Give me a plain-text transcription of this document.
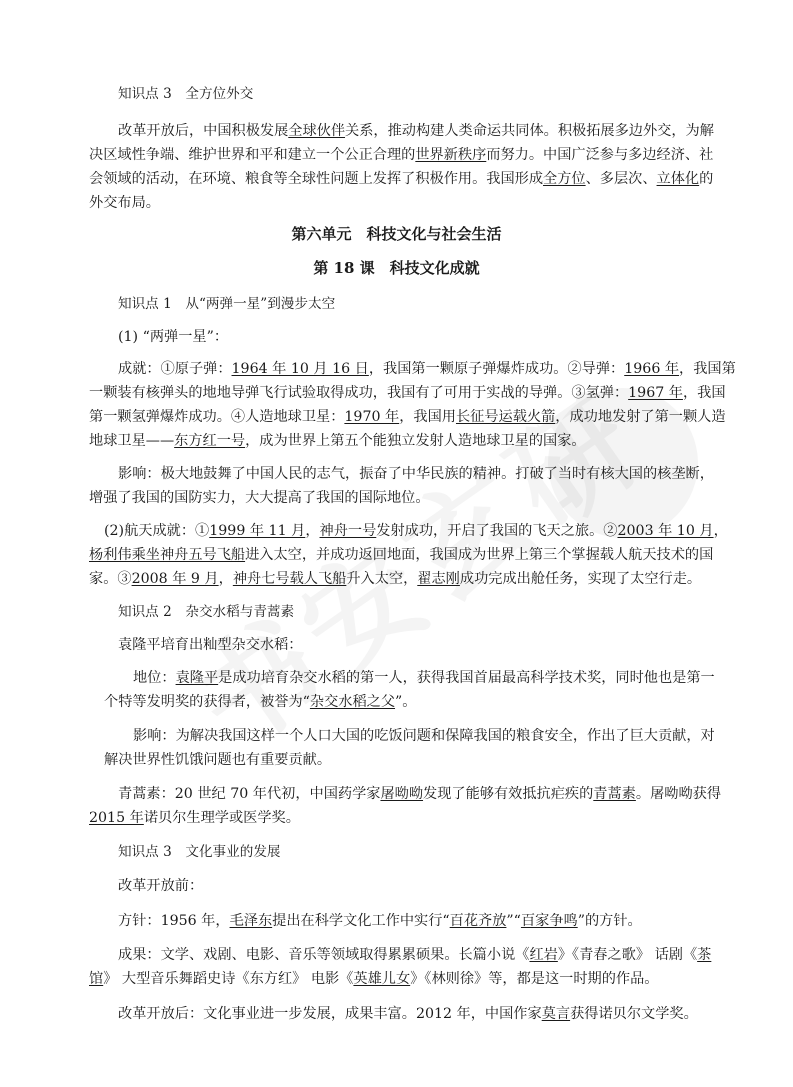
知识点 3　全方位外交
改革开放后，中国积极发展全球伙伴关系，推动构建人类命运共同体。积极拓展多边外交，为解
决区域性争端、维护世界和平和建立一个公正合理的世界新秩序而努力。中国广泛参与多边经济、社
会领域的活动，在环境、粮食等全球性问题上发挥了积极作用。我国形成全方位、多层次、立体化的
外交布局。
第六单元　科技文化与社会生活
第 18 课　科技文化成就
知识点 1　从“两弹一星”到漫步太空
(1) “两弹一星”：
成就：①原子弹：1964 年 10 月 16 日，我国第一颗原子弹爆炸成功。②导弹：1966 年，我国第
一颗装有核弹头的地地导弹飞行试验取得成功，我国有了可用于实战的导弹。③氢弹：1967 年，我国
第一颗氢弹爆炸成功。④人造地球卫星：1970 年，我国用长征号运载火箭，成功地发射了第一颗人造
地球卫星——东方红一号，成为世界上第五个能独立发射人造地球卫星的国家。
影响：极大地鼓舞了中国人民的志气，振奋了中华民族的精神。打破了当时有核大国的核垄断，
增强了我国的国防实力，大大提高了我国的国际地位。
(2)航天成就：①1999 年 11 月，神舟一号发射成功，开启了我国的飞天之旅。②2003 年 10 月，
杨利伟乘坐神舟五号飞船进入太空，并成功返回地面，我国成为世界上第三个掌握载人航天技术的国
家。③2008 年 9 月，神舟七号载人飞船升入太空，翟志刚成功完成出舱任务，实现了太空行走。
知识点 2　杂交水稻与青蒿素
袁隆平培育出籼型杂交水稻：
地位：袁隆平是成功培育杂交水稻的第一人，获得我国首届最高科学技术奖，同时他也是第一
个特等发明奖的获得者，被誉为“杂交水稻之父”。
影响：为解决我国这样一个人口大国的吃饭问题和保障我国的粮食安全，作出了巨大贡献，对
解决世界性饥饿问题也有重要贡献。
青蒿素：20 世纪 70 年代初，中国药学家屠呦呦发现了能够有效抵抗疟疾的青蒿素。屠呦呦获得
2015 年诺贝尔生理学或医学奖。
知识点 3　文化事业的发展
改革开放前：
方针：1956 年，毛泽东提出在科学文化工作中实行“百花齐放”“百家争鸣”的方针。
成果：文学、戏剧、电影、音乐等领域取得累累硕果。长篇小说《红岩》《青春之歌》 话剧《茶
馆》 大型音乐舞蹈史诗《东方红》 电影《英雄儿女》《林则徐》等，都是这一时期的作品。
改革开放后：文化事业进一步发展，成果丰富。2012 年，中国作家莫言获得诺贝尔文学奖。
